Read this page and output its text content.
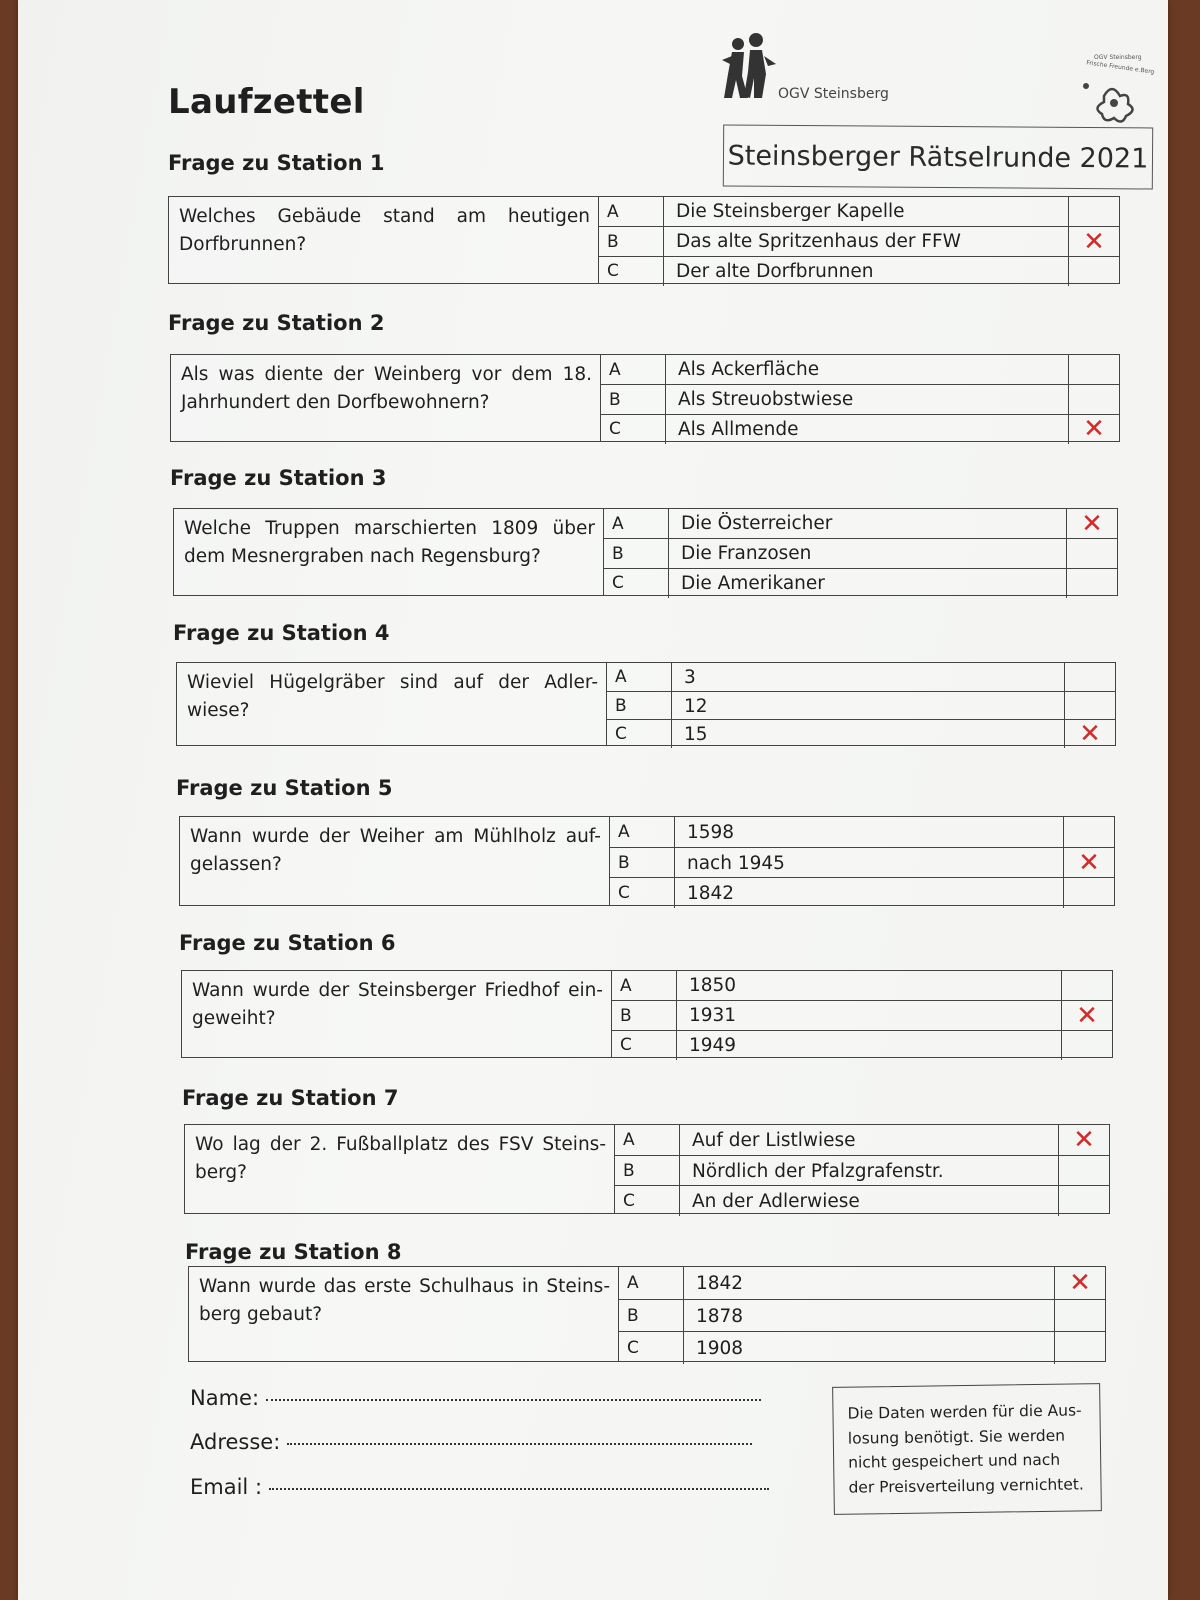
Laufzettel	OGV Steinsberg
OGV Steinsberg
Frische Freunde e.Berg
Steinsberger Rätselrunde 2021
Frage zu Station 1
Welches Gebäude stand am heutigen Dorfbrunnen?
A	Die Steinsberger Kapelle
B	Das alte Spritzenhaus der FFW	✕
C	Der alte Dorfbrunnen
Frage zu Station 2
Als was diente der Weinberg vor dem 18. Jahrhundert den Dorfbewohnern?
A	Als Ackerfläche
B	Als Streuobstwiese
C	Als Allmende	✕
Frage zu Station 3
Welche Truppen marschierten 1809 über dem Mesnergraben nach Regensburg?
A	Die Österreicher	✕
B	Die Franzosen
C	Die Amerikaner
Frage zu Station 4
Wieviel Hügelgräber sind auf der Adler-wiese?
A	3
B	12
C	15	✕
Frage zu Station 5
Wann wurde der Weiher am Mühlholz auf-gelassen?
A	1598
B	nach 1945	✕
C	1842
Frage zu Station 6
Wann wurde der Steinsberger Friedhof ein-geweiht?
A	1850
B	1931	✕
C	1949
Frage zu Station 7
Wo lag der 2. Fußballplatz des FSV Steins-berg?
A	Auf der Listlwiese	✕
B	Nördlich der Pfalzgrafenstr.
C	An der Adlerwiese
Frage zu Station 8
Wann wurde das erste Schulhaus in Steins-berg gebaut?
A	1842	✕
B	1878
C	1908
Name:
Adresse:
Email :
Die Daten werden für die Aus-losung benötigt. Sie werden nicht gespeichert und nach der Preisverteilung vernichtet.
